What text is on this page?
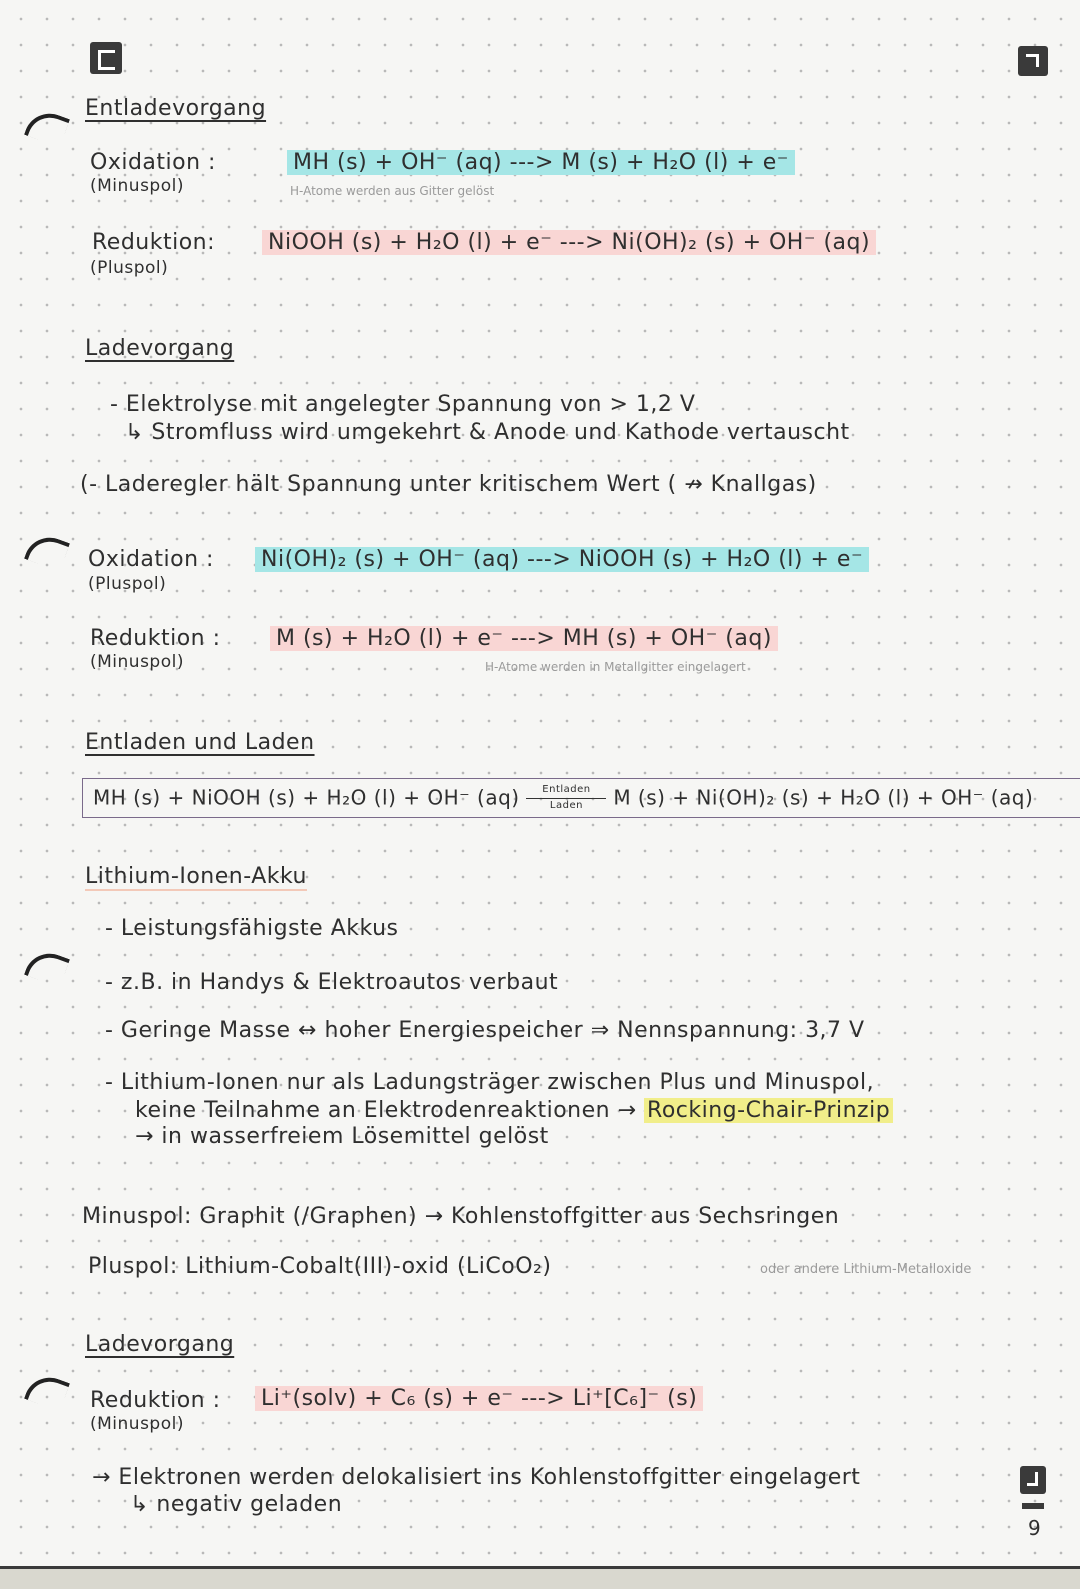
Entladevorgang
Oxidation :	MH (s) + OH⁻ (aq) ---> M (s) + H₂O (l) + e⁻
(Minuspol)	H-Atome werden aus Gitter gelöst
Reduktion: NiOOH (s) + H₂O (l) + e⁻ ---> Ni(OH)₂ (s) + OH⁻ (aq)
(Pluspol)
Ladevorgang
- Elektrolyse mit angelegter Spannung von > 1,2 V
↳ Stromfluss wird umgekehrt & Anode und Kathode vertauscht
(- Laderegler hält Spannung unter kritischem Wert ( ↛ Knallgas)
Oxidation : Ni(OH)₂ (s) + OH⁻ (aq) ---> NiOOH (s) + H₂O (l) + e⁻
(Pluspol)
Reduktion :	M (s) + H₂O (l) + e⁻ ---> MH (s) + OH⁻ (aq)
(Minuspol)	H-Atome werden in Metallgitter eingelagert
Entladen und Laden
MH (s) + NiOOH (s) + H₂O (l) + OH⁻ (aq)	Entladen
Laden	M (s) + Ni(OH)₂ (s) + H₂O (l) + OH⁻ (aq)
Lithium-Ionen-Akku
- Leistungsfähigste Akkus
- z.B. in Handys & Elektroautos verbaut
- Geringe Masse ↔ hoher Energiespeicher ⇒ Nennspannung: 3,7 V
- Lithium-Ionen nur als Ladungsträger zwischen Plus und Minuspol,
keine Teilnahme an Elektrodenreaktionen → Rocking-Chair-Prinzip
→ in wasserfreiem Lösemittel gelöst
Minuspol: Graphit (/Graphen) → Kohlenstoffgitter aus Sechsringen
Pluspol: Lithium-Cobalt(III)-oxid (LiCoO₂)	oder andere Lithium-Metalloxide
Ladevorgang
Reduktion : Li⁺(solv) + C₆ (s) + e⁻ ---> Li⁺[C₆]⁻ (s)
(Minuspol)
→ Elektronen werden delokalisiert ins Kohlenstoffgitter eingelagert
↳ negativ geladen
9
